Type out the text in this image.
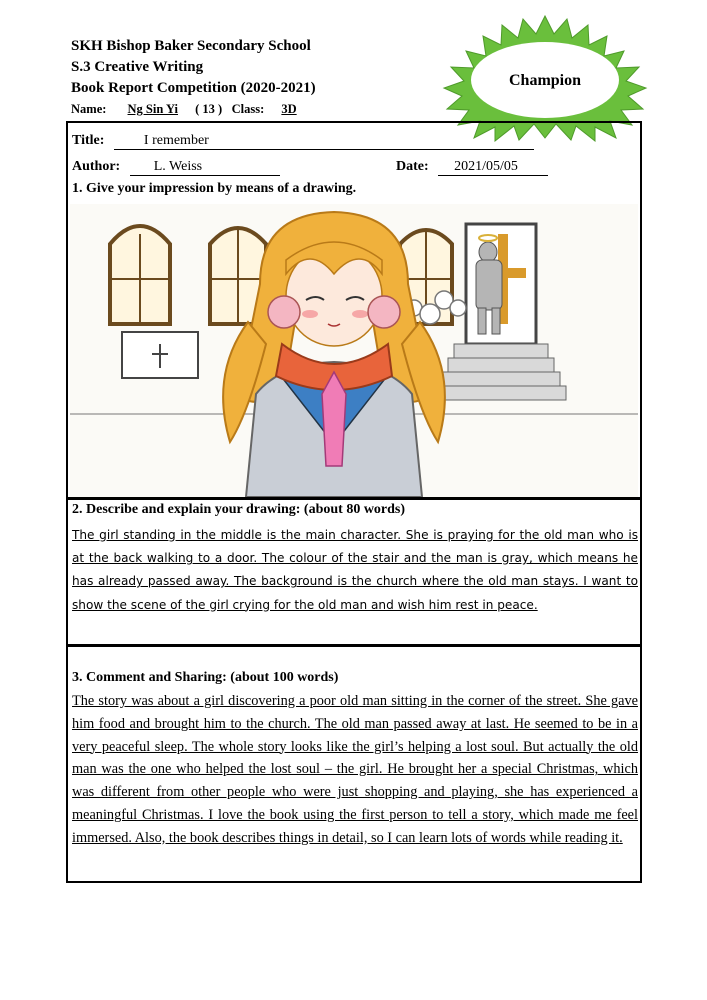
SKH Bishop Baker Secondary School
S.3 Creative Writing
Book Report Competition (2020-2021)
Name: Ng Sin Yi ( 13 ) Class: 3D
Champion
Title:	I remember
Author: L. Weiss	Date: 2021/05/05
1. Give your impression by means of a drawing.
2. Describe and explain your drawing: (about 80 words)
The girl standing in the middle is the main character. She is praying for the old man who is at the back walking to a door. The colour of the stair and the man is gray, which means he has already passed away. The background is the church where the old man stays. I want to show the scene of the girl crying for the old man and wish him rest in peace.
3. Comment and Sharing: (about 100 words)
The story was about a girl discovering a poor old man sitting in the corner of the street. She gave him food and brought him to the church. The old man passed away at last. He seemed to be in a very peaceful sleep. The whole story looks like the girl’s helping a lost soul. But actually the old man was the one who helped the lost soul – the girl. He brought her a special Christmas, which was different from other people who were just shopping and playing, she has experienced a meaningful Christmas. I love the book using the first person to tell a story, which made me feel immersed. Also, the book describes things in detail, so I can learn lots of words while reading it.
